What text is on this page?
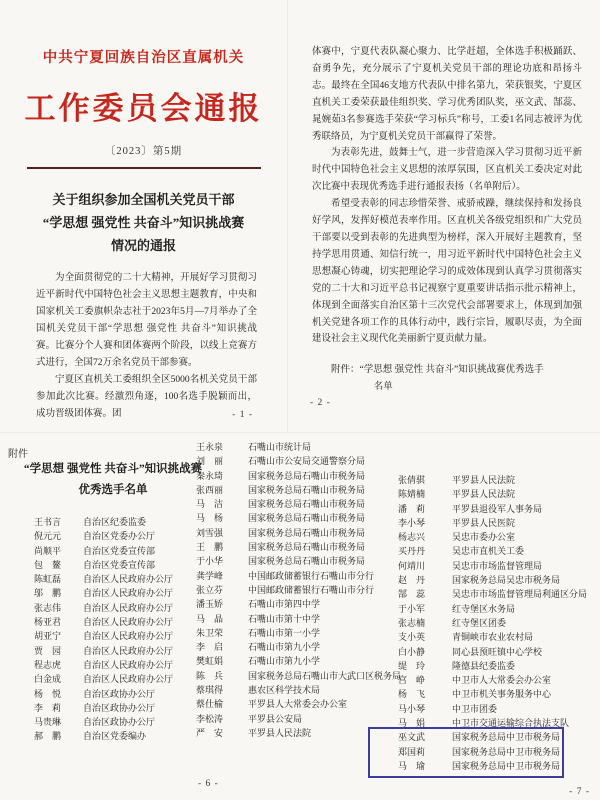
中共宁夏回族自治区直属机关
工作委员会通报
〔2023〕第5期
关于组织参加全国机关党员干部
“学思想 强党性 共奋斗”知识挑战赛
情况的通报

为全面贯彻党的二十大精神，开展好学习贯彻习近平新时代中国特色社会主义思想主题教育，中央和国家机关工委旗帜杂志社于2023年5月—7月举办了全国机关党员干部“学思想 强党性 共奋斗”知识挑战赛。比赛分个人赛和团体赛两个阶段，以线上竞赛方式进行，全国72万余名党员干部参赛。

宁夏区直机关工委组织全区5000名机关党员干部参加此次比赛。经激烈角逐，100名选手脱颖而出，成功晋级团体赛。团	- 1 -

体赛中，宁夏代表队凝心聚力、比学赶超，全体选手积极踊跃、奋勇争先，充分展示了宁夏机关党员干部的理论功底和昂扬斗志。最终在全国46支地方代表队中排名第九，荣获银奖，宁夏区直机关工委荣获最佳组织奖、学习优秀团队奖，巫文武、郜蕊、晁婉茹3名参赛选手荣获“学习标兵”称号，工委1名同志被评为优秀联络员，为宁夏机关党员干部赢得了荣誉。

为表彰先进，鼓舞士气，进一步营造深入学习贯彻习近平新时代中国特色社会主义思想的浓厚氛围，区直机关工委决定对此次比赛中表现优秀选手进行通报表扬（名单附后）。

希望受表彰的同志珍惜荣誉、戒骄戒躁，继续保持和发扬良好学风，发挥好模范表率作用。区直机关各级党组织和广大党员干部要以受到表彰的先进典型为榜样，深入开展好主题教育，坚持学思用贯通、知信行统一，用习近平新时代中国特色社会主义思想凝心铸魂，切实把理论学习的成效体现到认真学习贯彻落实党的二十大和习近平总书记视察宁夏重要讲话指示批示精神上，体现到全面落实自治区第十三次党代会部署要求上，体现到加强机关党建各项工作的具体行动中，践行宗旨，履职尽责，为全面建设社会主义现代化美丽新宁夏贡献力量。

附件：“学思想 强党性 共奋斗”知识挑战赛优秀选手
名单
- 2 -
附件
“学思想 强党性 共奋斗”知识挑战赛
优秀选手名单
王书言	自治区纪委监委
倪元元	自治区党委办公厅
尚顺平	自治区党委宣传部
包　鳌	自治区党委宣传部
陈虹磊	自治区人民政府办公厅
邬　鹏	自治区人民政府办公厅
张志伟	自治区人民政府办公厅
杨亚君	自治区人民政府办公厅
胡亚宁	自治区人民政府办公厅
贾　园	自治区人民政府办公厅
程志虎	自治区人民政府办公厅
白金成	自治区人民政府办公厅
杨　悦	自治区政协办公厅
李　莉	自治区政协办公厅
马贵琳	自治区政协办公厅
郝　鹏	自治区党委编办
王永泉	石嘴山市统计局
刘　丽	石嘴山市公安局交通警察分局
秦永琦	国家税务总局石嘴山市税务局
张西丽	国家税务总局石嘴山市税务局
马　洁	国家税务总局石嘴山市税务局
马　杨	国家税务总局石嘴山市税务局
刘雪强	国家税务总局石嘴山市税务局
王　鹏	国家税务总局石嘴山市税务局
于小华	国家税务总局石嘴山市税务局
龚学峰	中国邮政储蓄银行石嘴山市分行
张立芬	中国邮政储蓄银行石嘴山市分行
潘玉娇	石嘴山市第四中学
马　晶	石嘴山市第十中学
朱卫荣	石嘴山市第一小学
李　启	石嘴山市第九小学
樊虹娟	石嘴山市第九小学
陈　兵	国家税务总局石嘴山市大武口区税务局
蔡琪得	惠农区科学技术局
蔡仕榆	平罗县人大常委会办公室
李松涛	平罗县公安局
严　安	平罗县人民法院
张倩骐	平罗县人民法院
陈婧楠	平罗县人民法院
潘　莉	平罗县退役军人事务局
李小琴	平罗县人民医院
杨志兴	吴忠市委办公室
买丹丹	吴忠市直机关工委
何靖川	吴忠市市场监督管理局
赵　丹	国家税务总局吴忠市税务局
郜　蕊	吴忠市市场监督管理局利通区分局
于小军	红寺堡区水务局
张志楠	红寺堡区团委
支小英	青铜峡市农业农村局
白小静	同心县预旺镇中心学校
缇　玲	隆德县纪委监委
宫　峥	中卫市人大常委会办公室
杨　飞	中卫市机关事务服务中心
马小琴	中卫市团委
马　娟	中卫市交通运输综合执法支队
巫文武	国家税务总局中卫市税务局
郑国莉	国家税务总局中卫市税务局
马　瑜	国家税务总局中卫市税务局
- 6 -
- 7 -
